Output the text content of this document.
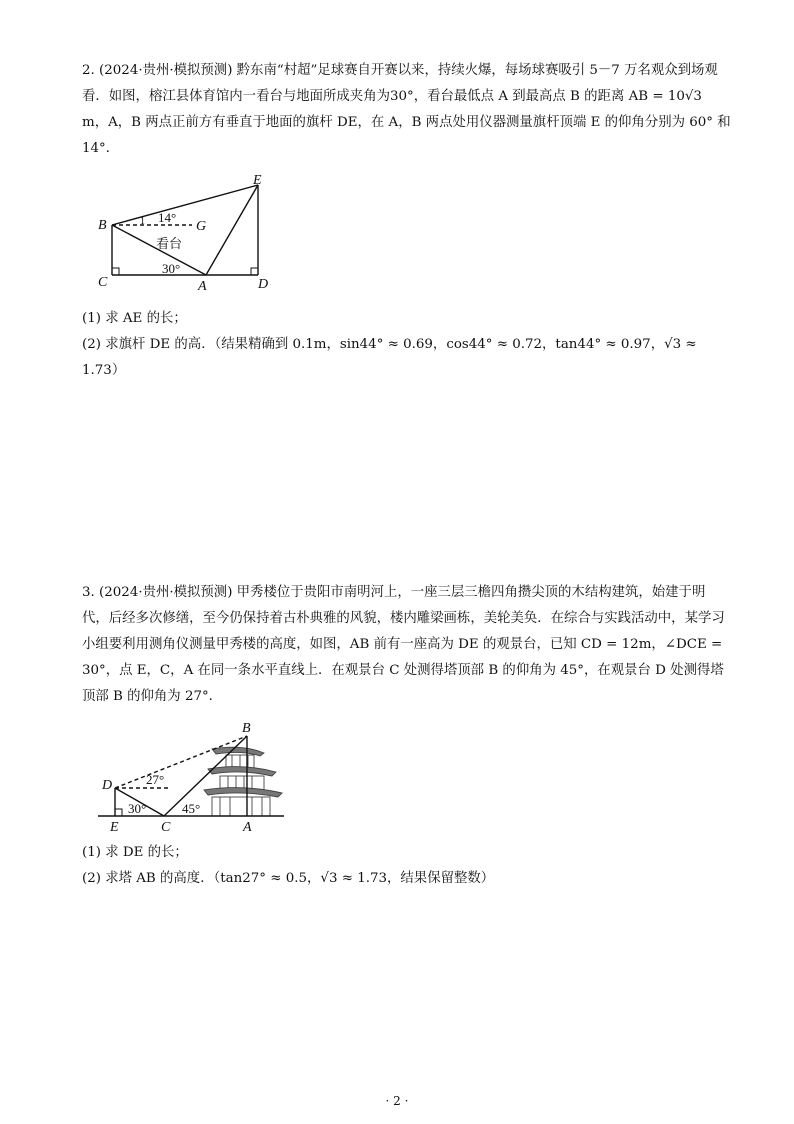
2. (2024·贵州·模拟预测) 黔东南“村超”足球赛自开赛以来，持续火爆，每场球赛吸引 5－7 万名观众到场观看．如图，榕江县体育馆内一看台与地面所成夹角为30°，看台最低点 A 到最高点 B 的距离 AB = 10√3 m，A，B 两点正前方有垂直于地面的旗杆 DE，在 A，B 两点处用仪器测量旗杆顶端 E 的仰角分别为 60° 和 14°．

B
E
G
C	A	D
1 14°
看台
30°

(1) 求 AE 的长；

(2) 求旗杆 DE 的高．（结果精确到 0.1m，sin44° ≈ 0.69，cos44° ≈ 0.72，tan44° ≈ 0.97，√3 ≈ 1.73）

3. (2024·贵州·模拟预测) 甲秀楼位于贵阳市南明河上，一座三层三檐四角攒尖顶的木结构建筑，始建于明代，后经多次修缮，至今仍保持着古朴典雅的风貌，楼内雕梁画栋，美轮美奂．在综合与实践活动中，某学习小组要利用测角仪测量甲秀楼的高度，如图，AB 前有一座高为 DE 的观景台，已知 CD = 12m，∠DCE = 30°，点 E，C，A 在同一条水平直线上．在观景台 C 处测得塔顶部 B 的仰角为 45°，在观景台 D 处测得塔顶部 B 的仰角为 27°．

B
D
E	C	A
27°
30°	45°

(1) 求 DE 的长；

(2) 求塔 AB 的高度．（tan27° ≈ 0.5，√3 ≈ 1.73，结果保留整数）

· 2 ·
